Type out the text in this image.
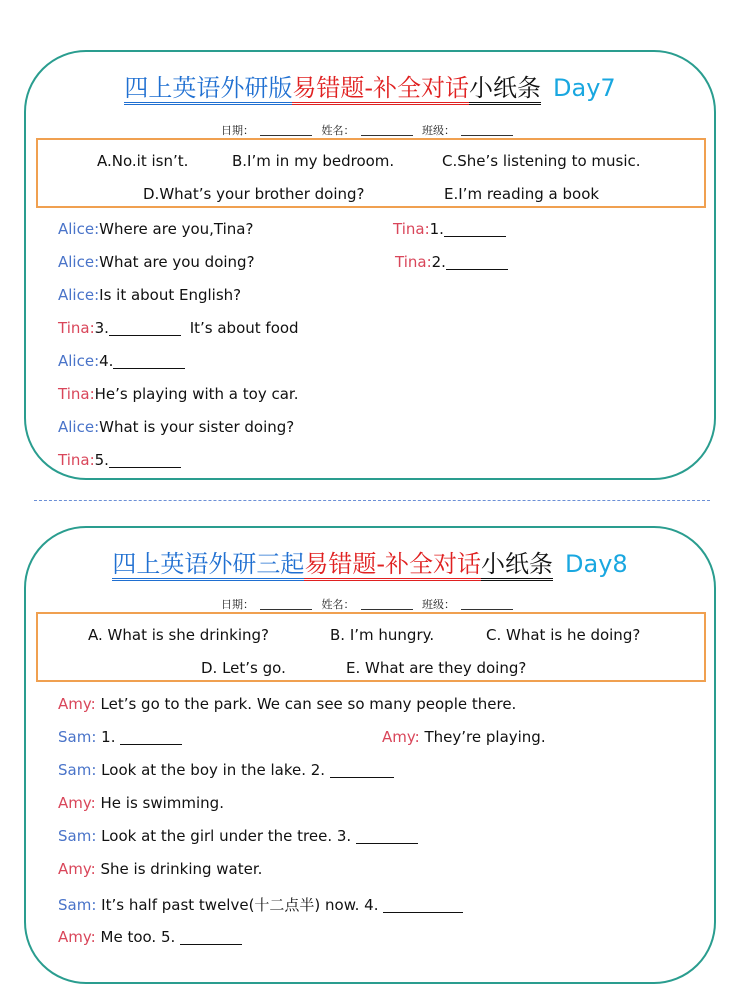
四上英语外研版易错题-补全对话小纸条 Day7
日期：	姓名：	班级：
A.No.it isn’t.	B.I’m in my bedroom.	C.She’s listening to music.
D.What’s your brother doing?	E.I’m reading a book
Alice:Where are you,Tina?	Tina:1.
Alice:What are you doing?	Tina:2.
Alice:Is it about English?
Tina:3.	It’s about food
Alice:4.
Tina:He’s playing with a toy car.
Alice:What is your sister doing?
Tina:5.
四上英语外研三起易错题-补全对话小纸条 Day8
日期：	姓名：	班级：
A. What is she drinking?	B. I’m hungry.	C. What is he doing?
D. Let’s go.	E. What are they doing?
Amy: Let’s go to the park. We can see so many people there.
Sam: 1.	Amy: They’re playing.
Sam: Look at the boy in the lake. 2.
Amy: He is swimming.
Sam: Look at the girl under the tree. 3.
Amy: She is drinking water.
Sam: It’s half past twelve(十二点半) now. 4.
Amy: Me too. 5.
